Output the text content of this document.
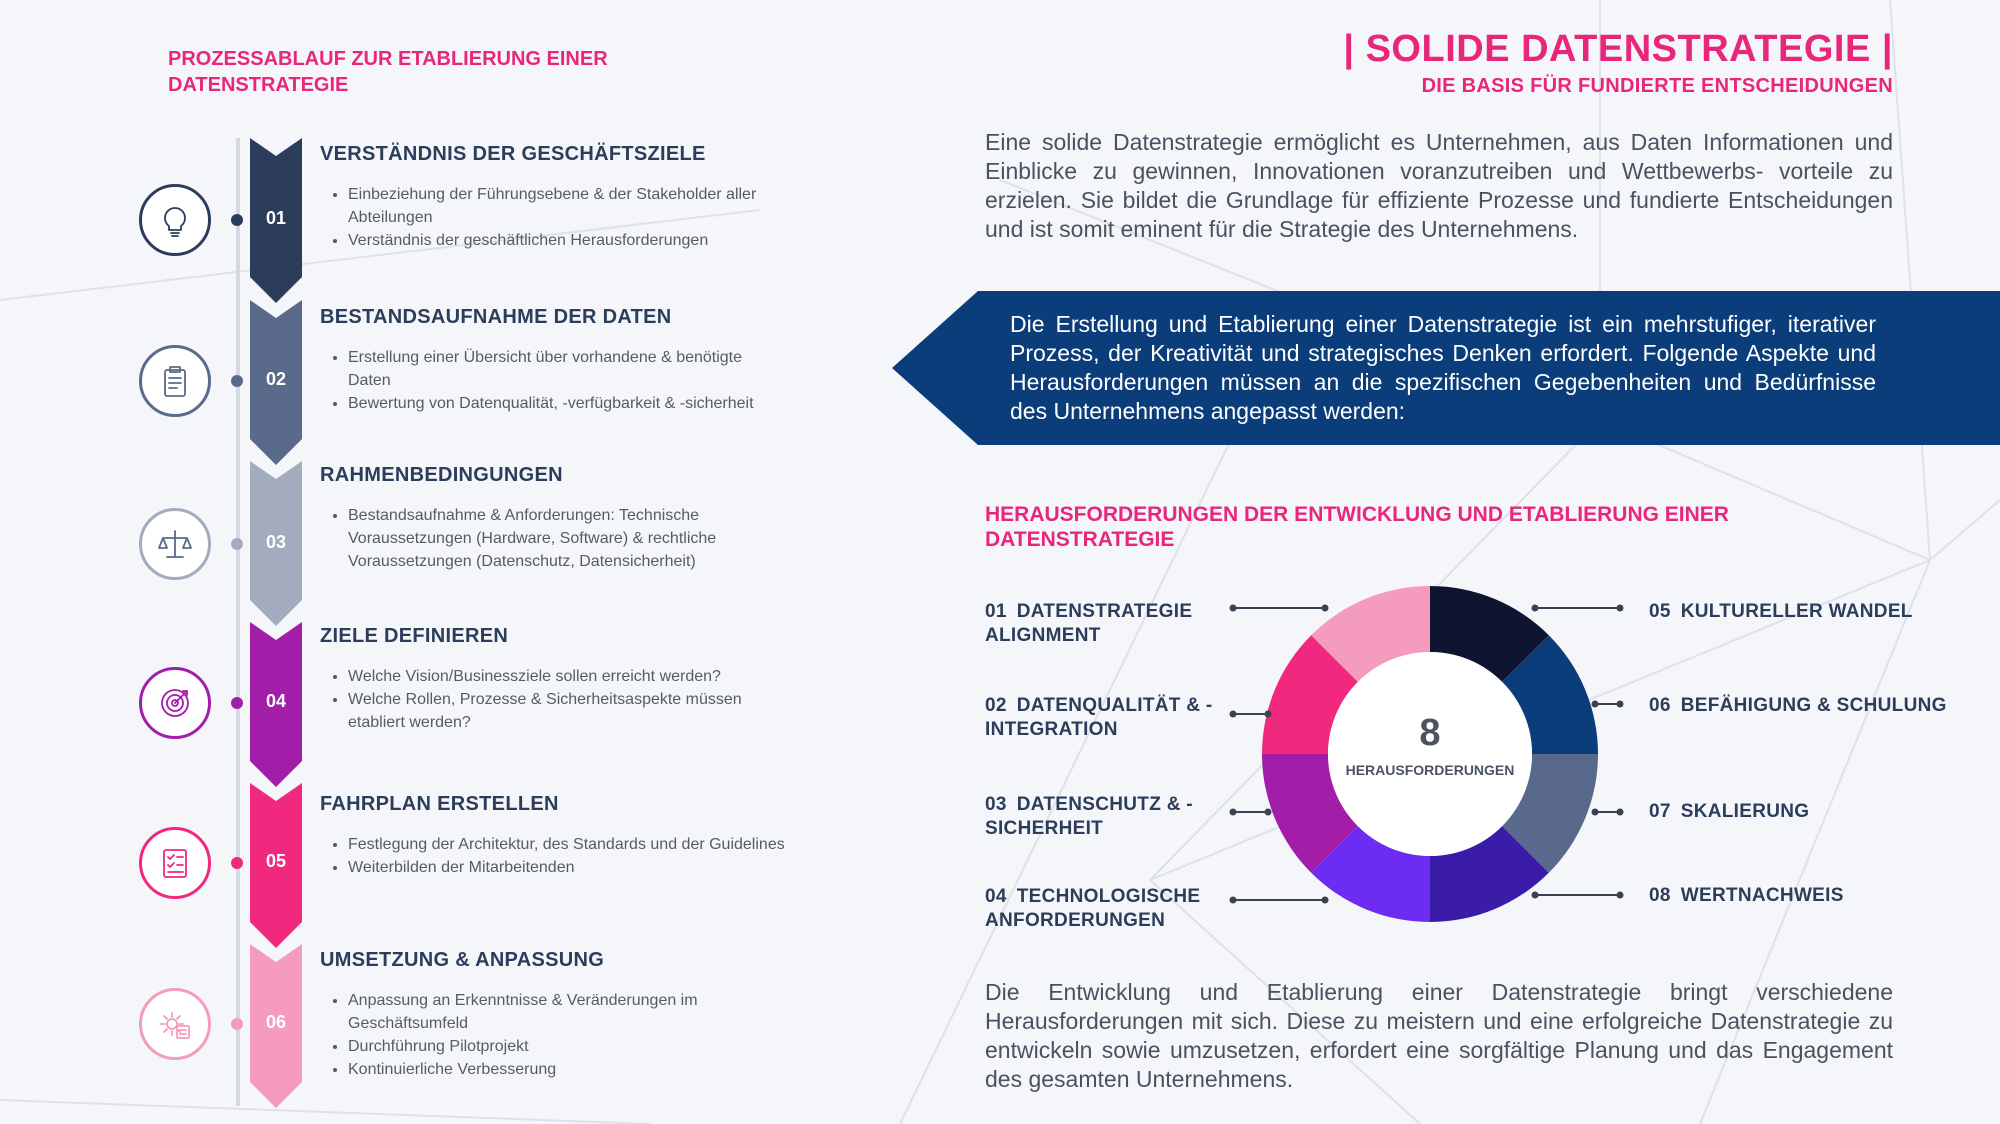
PROZESSABLAUF ZUR ETABLIERUNG EINER DATENSTRATEGIE
01
VERSTÄNDNIS DER GESCHÄFTSZIELE
• Einbeziehung der Führungsebene & der Stakeholder aller Abteilungen
• Verständnis der geschäftlichen Herausforderungen
02
BESTANDSAUFNAHME DER DATEN
• Erstellung einer Übersicht über vorhandene & benötigte Daten
• Bewertung von Datenqualität, -verfügbarkeit & -sicherheit
03
RAHMENBEDINGUNGEN
• Bestandsaufnahme & Anforderungen: Technische Voraussetzungen (Hardware, Software) & rechtliche Voraussetzungen (Datenschutz, Datensicherheit)
04
ZIELE DEFINIEREN
• Welche Vision/Businessziele sollen erreicht werden?
• Welche Rollen, Prozesse & Sicherheitsaspekte müssen etabliert werden?
05
FAHRPLAN ERSTELLEN
• Festlegung der Architektur, des Standards und der Guidelines
• Weiterbilden der Mitarbeitenden
06
UMSETZUNG & ANPASSUNG
• Anpassung an Erkenntnisse & Veränderungen im Geschäftsumfeld
• Durchführung Pilotprojekt
• Kontinuierliche Verbesserung
| SOLIDE DATENSTRATEGIE |
DIE BASIS FÜR FUNDIERTE ENTSCHEIDUNGEN
Eine solide Datenstrategie ermöglicht es Unternehmen, aus Daten Informationen und Einblicke zu gewinnen, Innovationen voranzutreiben und Wettbewerbs- vorteile zu erzielen. Sie bildet die Grundlage für effiziente Prozesse und fundierte Entscheidungen und ist somit eminent für die Strategie des Unternehmens.
Die Erstellung und Etablierung einer Datenstrategie ist ein mehrstufiger, iterativer Prozess, der Kreativität und strategisches Denken erfordert. Folgende Aspekte und Herausforderungen müssen an die spezifischen Gegebenheiten und Bedürfnisse des Unternehmens angepasst werden:
HERAUSFORDERUNGEN DER ENTWICKLUNG UND ETABLIERUNG EINER DATENSTRATEGIE
8
HERAUSFORDERUNGEN
01 DATENSTRATEGIE ALIGNMENT
02 DATENQUALITÄT & -INTEGRATION
03 DATENSCHUTZ & -SICHERHEIT
04 TECHNOLOGISCHE ANFORDERUNGEN
05 KULTURELLER WANDEL
06 BEFÄHIGUNG & SCHULUNG
07 SKALIERUNG
08 WERTNACHWEIS
Die Entwicklung und Etablierung einer Datenstrategie bringt verschiedene Herausforderungen mit sich. Diese zu meistern und eine erfolgreiche Datenstrategie zu entwickeln sowie umzusetzen, erfordert eine sorgfältige Planung und das Engagement des gesamten Unternehmens.
